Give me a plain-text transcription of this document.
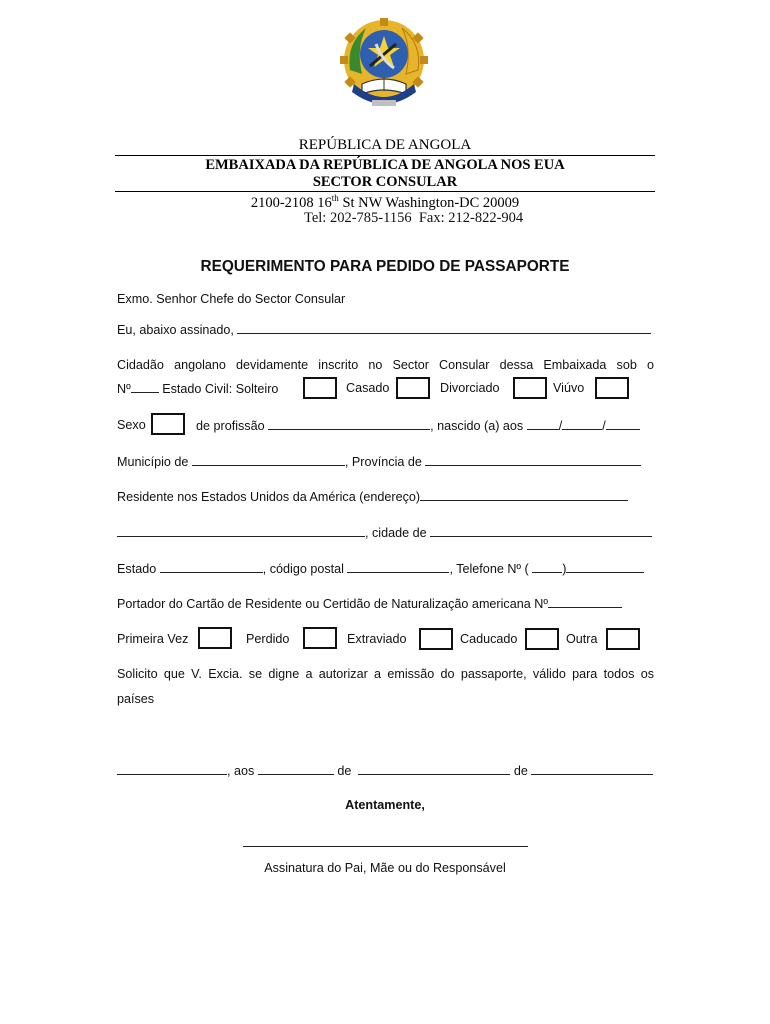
REPÚBLICA DE ANGOLA
EMBAIXADA DA REPÚBLICA DE ANGOLA NOS EUA
SECTOR CONSULAR
2100-2108 16th St NW Washington-DC 20009
Tel: 202-785-1156  Fax: 212-822-904
REQUERIMENTO PARA PEDIDO DE PASSAPORTE
Exmo. Senhor Chefe do Sector Consular
Eu, abaixo assinado,
Cidadão angolano devidamente inscrito no Sector Consular dessa Embaixada sob o
Nº	Estado Civil: Solteiro	Casado	Divorciado	Viúvo
Sexo	de profissão	, nascido (a) aos	/	/
Município de	, Província de
Residente nos Estados Unidos da América (endereço)
, cidade de
Estado	, código postal	, Telefone Nº (	)
Portador do Cartão de Residente ou Certidão de Naturalização americana Nº
Primeira Vez	Perdido	Extraviado	Caducado	Outra
Solicito que V. Excia. se digne a autorizar a emissão do passaporte, válido para todos os
países
, aos	de	de
Atentamente,
Assinatura do Pai, Mãe ou do Responsável
